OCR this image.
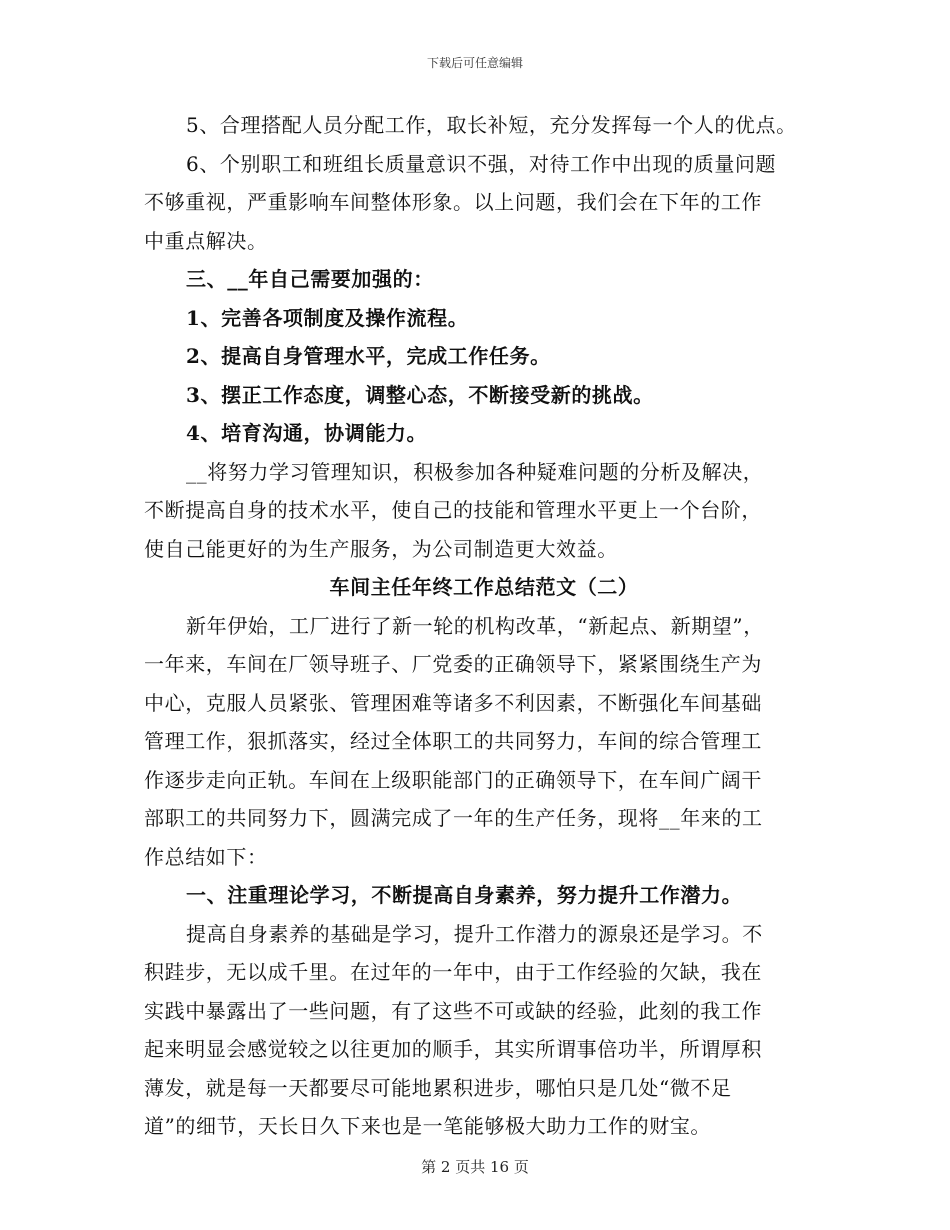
下载后可任意编辑
5、合理搭配人员分配工作，取长补短，充分发挥每一个人的优点。
6、个别职工和班组长质量意识不强，对待工作中出现的质量问题
不够重视，严重影响车间整体形象。以上问题，我们会在下年的工作
中重点解决。
三、__年自己需要加强的：
1、完善各项制度及操作流程。
2、提高自身管理水平，完成工作任务。
3、摆正工作态度，调整心态，不断接受新的挑战。
4、培育沟通，协调能力。
__将努力学习管理知识，积极参加各种疑难问题的分析及解决，
不断提高自身的技术水平，使自己的技能和管理水平更上一个台阶，
使自己能更好的为生产服务，为公司制造更大效益。
车间主任年终工作总结范文（二）
新年伊始，工厂进行了新一轮的机构改革，“新起点、新期望”，
一年来，车间在厂领导班子、厂党委的正确领导下，紧紧围绕生产为
中心，克服人员紧张、管理困难等诸多不利因素，不断强化车间基础
管理工作，狠抓落实，经过全体职工的共同努力，车间的综合管理工
作逐步走向正轨。车间在上级职能部门的正确领导下，在车间广阔干
部职工的共同努力下，圆满完成了一年的生产任务，现将__年来的工
作总结如下：
一、注重理论学习，不断提高自身素养，努力提升工作潜力。
提高自身素养的基础是学习，提升工作潜力的源泉还是学习。不
积跬步，无以成千里。在过年的一年中，由于工作经验的欠缺，我在
实践中暴露出了一些问题，有了这些不可或缺的经验，此刻的我工作
起来明显会感觉较之以往更加的顺手，其实所谓事倍功半，所谓厚积
薄发，就是每一天都要尽可能地累积进步，哪怕只是几处“微不足
道”的细节，天长日久下来也是一笔能够极大助力工作的财宝。
第 2 页共 16 页
